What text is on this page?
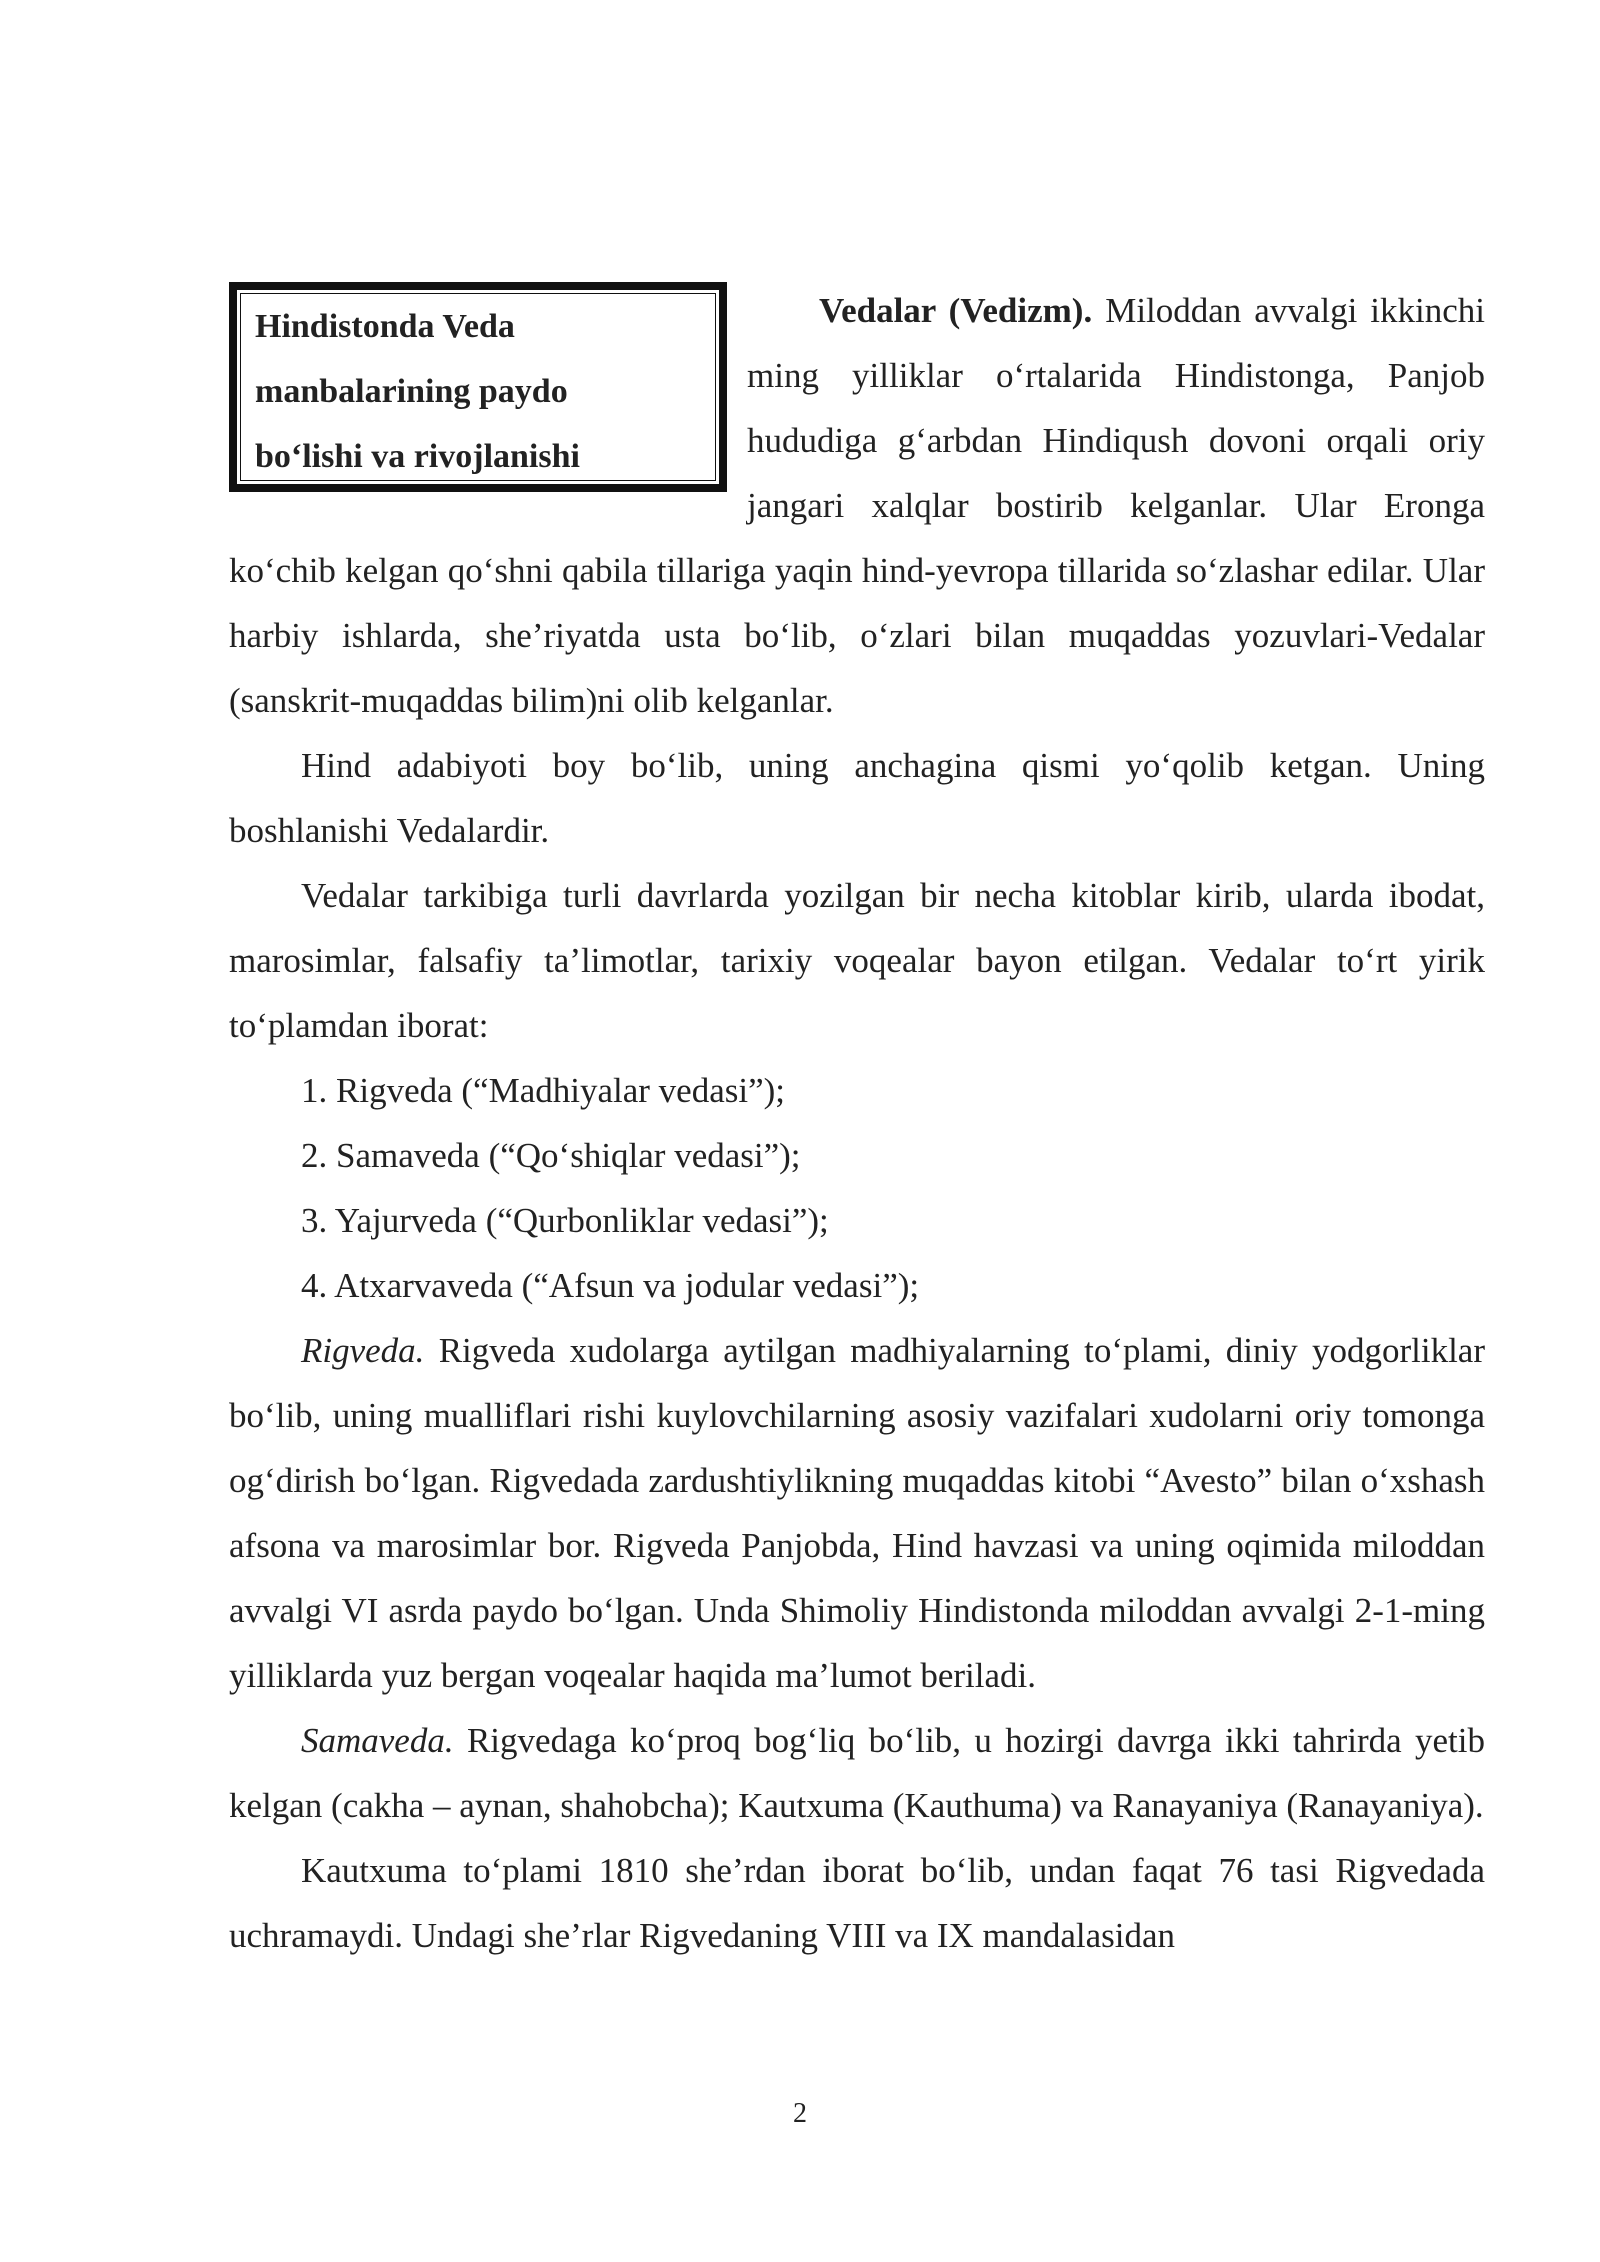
Hindistonda Veda
manbalarining paydo
bo‘lishi va rivojlanishi

Vedalar (Vedizm). Miloddan avvalgi ikkinchi ming yilliklar o‘rtalarida Hindistonga, Panjob hududiga g‘arbdan Hindiqush dovoni orqali oriy jangari xalqlar bostirib kelganlar. Ular Eronga ko‘chib kelgan qo‘shni qabila tillariga yaqin hind-yevropa tillarida so‘zlashar edilar. Ular harbiy ishlarda, she’riyatda usta bo‘lib, o‘zlari bilan muqaddas yozuvlari-Vedalar (sanskrit-muqaddas bilim)ni olib kelganlar.

Hind adabiyoti boy bo‘lib, uning anchagina qismi yo‘qolib ketgan. Uning boshlanishi Vedalardir.

Vedalar tarkibiga turli davrlarda yozilgan bir necha kitoblar kirib, ularda ibodat, marosimlar, falsafiy ta’limotlar, tarixiy voqealar bayon etilgan. Vedalar to‘rt yirik to‘plamdan iborat:

1. Rigveda (“Madhiyalar vedasi”);
2. Samaveda (“Qo‘shiqlar vedasi”);
3. Yajurveda (“Qurbonliklar vedasi”);
4. Atxarvaveda (“Afsun va jodular vedasi”);

Rigveda. Rigveda xudolarga aytilgan madhiyalarning to‘plami, diniy yodgorliklar bo‘lib, uning mualliflari rishi kuylovchilarning asosiy vazifalari xudolarni oriy tomonga og‘dirish bo‘lgan. Rigvedada zardushtiylikning muqaddas kitobi “Avesto” bilan o‘xshash afsona va marosimlar bor. Rigveda Panjobda, Hind havzasi va uning oqimida miloddan avvalgi VI asrda paydo bo‘lgan. Unda Shimoliy Hindistonda miloddan avvalgi 2-1-ming yilliklarda yuz bergan voqealar haqida ma’lumot beriladi.

Samaveda. Rigvedaga ko‘proq bog‘liq bo‘lib, u hozirgi davrga ikki tahrirda yetib kelgan (cakha – aynan, shahobcha); Kautxuma (Kauthuma) va Ranayaniya (Ranayaniya).

Kautxuma to‘plami 1810 she’rdan iborat bo‘lib, undan faqat 76 tasi Rigvedada uchramaydi. Undagi she’rlar Rigvedaning VIII va IX mandalasidan

2
